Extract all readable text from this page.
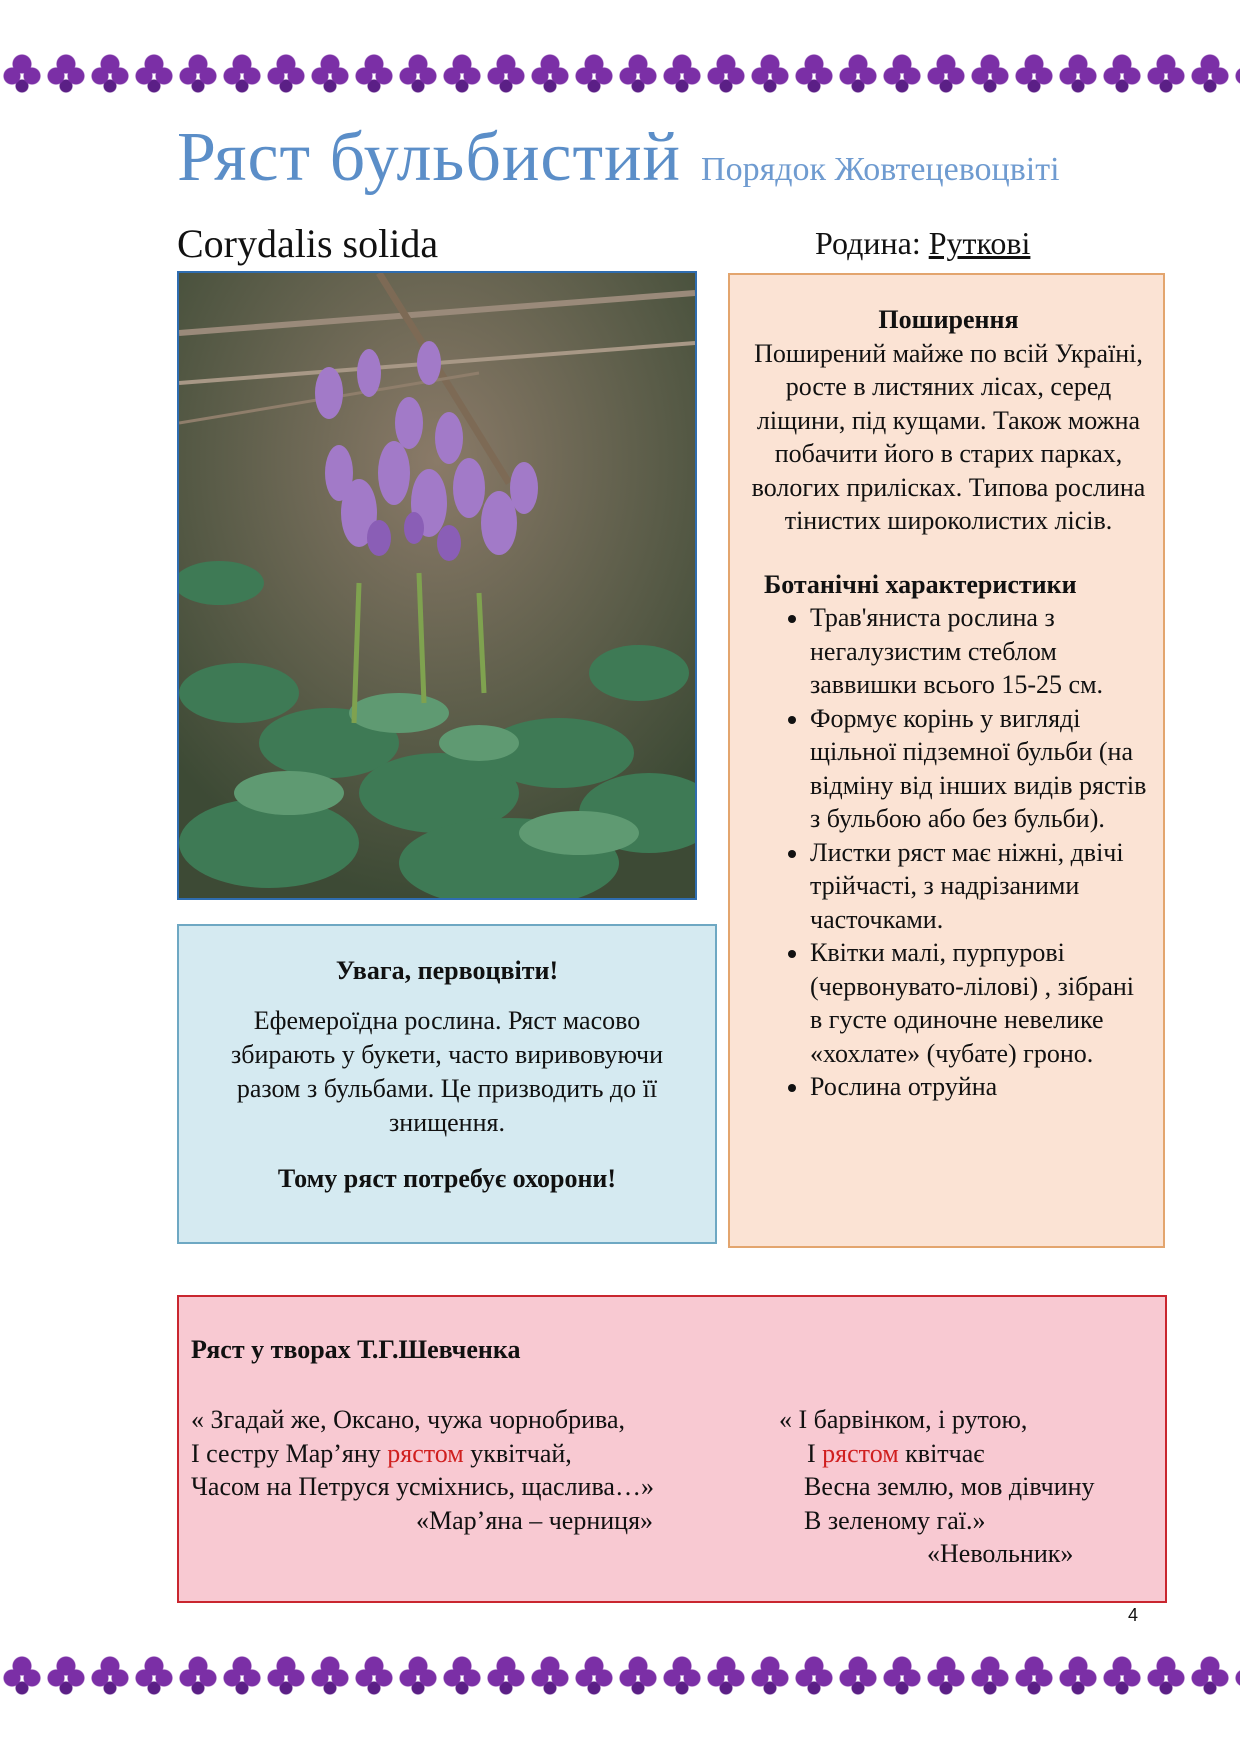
Ряст бульбистий Порядок Жовтецевоцвіті
Corydalis solida	Родина: Руткові
Увага, первоцвіти!
Ефемероїдна рослина. Ряст масово збирають у букети, часто виривовуючи разом з бульбами. Це призводить до її знищення.
Тому ряст потребує охорони!
Поширення
Поширений майже по всій Україні, росте в листяних лісах, серед ліщини, під кущами. Також можна побачити його в старих парках, вологих прилісках. Типова рослина тінистих широколистих лісів.
Ботанічні характеристики
• Трав'яниста рослина з негалузистим стеблом заввишки всього 15-25 см.
• Формує корінь у вигляді щільної підземної бульби (на відміну від інших видів рястів з бульбою або без бульби).
• Листки ряст має ніжні, двічі трійчасті, з надрізаними часточками.
• Квітки малі, пурпурові (червонувато-лілові) , зібрані в густе одиночне невелике «хохлате» (чубате) гроно.
• Рослина отруйна
Ряст у творах Т.Г.Шевченка
« Згадай же, Оксано, чужа чорнобрива,
І сестру Мар’яну рястом уквітчай,
Часом на Петруся усміхнись, щаслива…»
«Мар’яна – черниця»
« І барвінком, і рутою,
І рястом квітчає
Весна землю, мов дівчину
В зеленому гаї.»
«Невольник»
4
